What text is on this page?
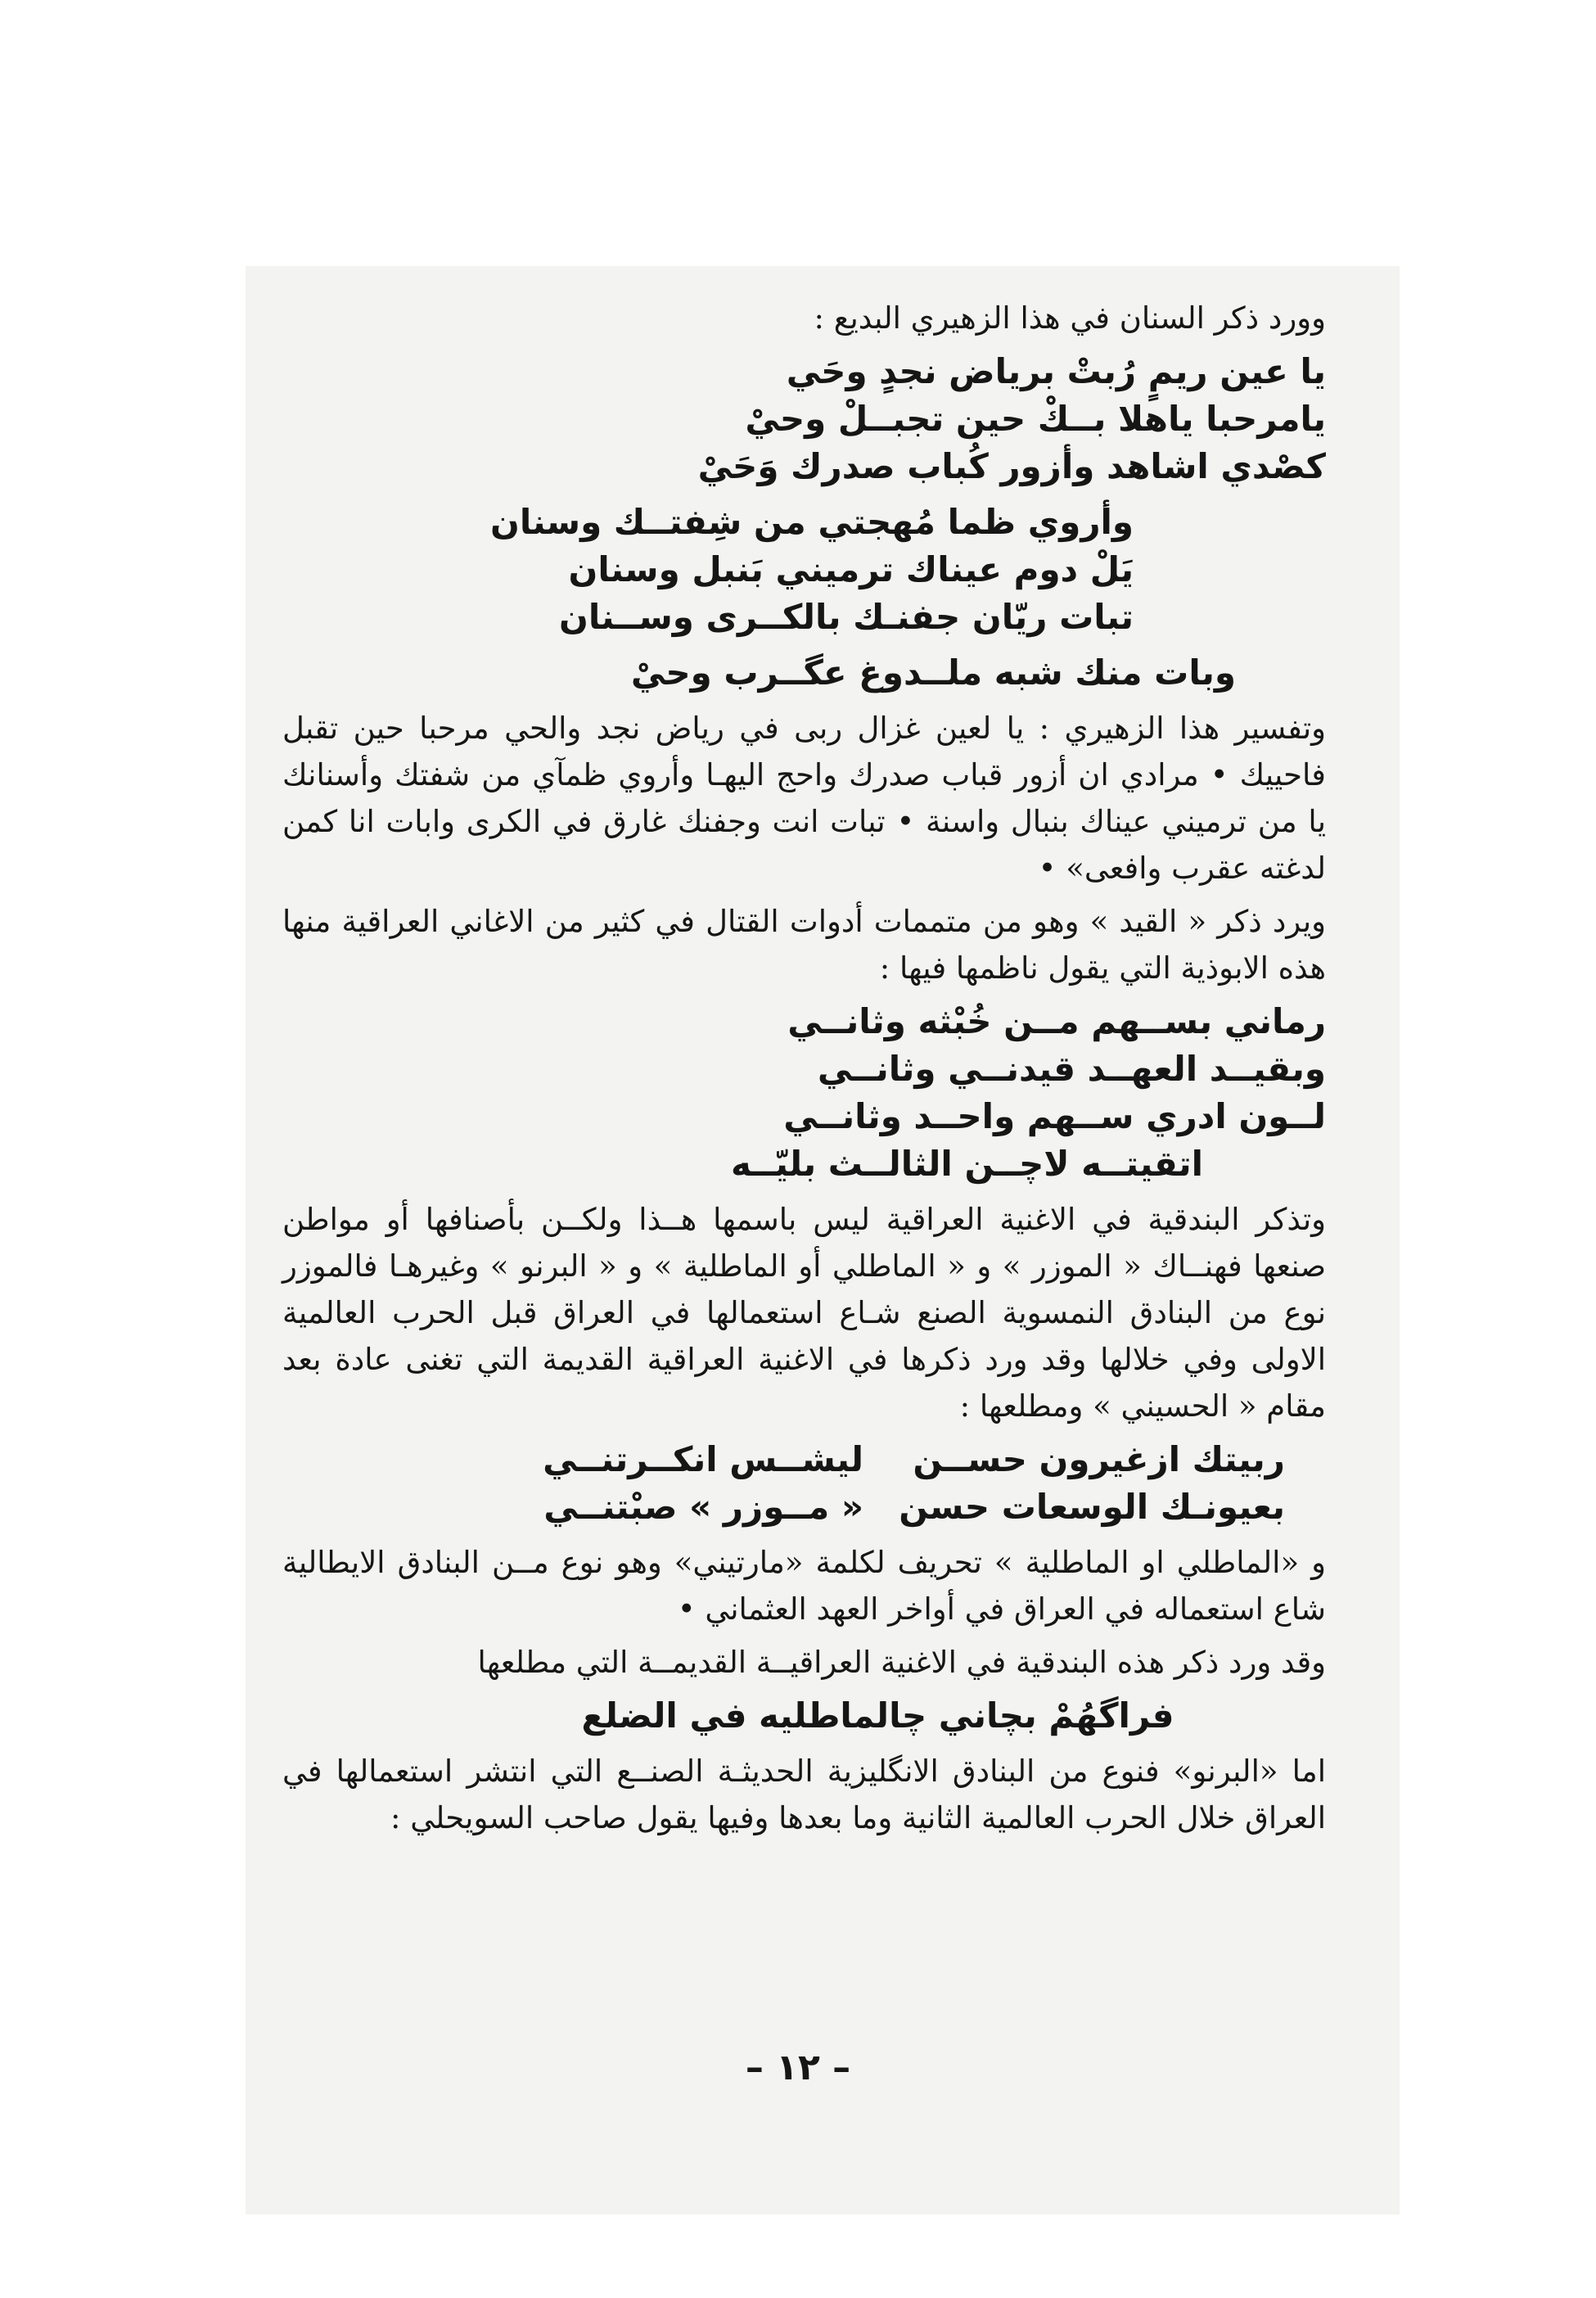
وورد ذكر السنان في هذا الزهيري البديع :

يا عين ريمٍ رُبتْ برياض نجدٍ وحَي
يامرحبا ياهلا بــكْ حين تجبــلْ وحيْ
كصْدي اشاهد وأزور كُباب صدرك وَحَيْ
وأروي ظما مُهجتي من شِفتــك وسنان
يَلْ دوم عيناك ترميني بَنبل وسنان
تبات ريّان جفنـك بالكــرى وســنان
وبات منك شبه ملــدوغ عگــرب وحيْ

وتفسير هذا الزهيري : يا لعين غزال ربى في رياض نجد والحي مرحبا حين تقبل فاحييك • مرادي ان أزور قباب صدرك واحج اليهـا وأروي ظمآي من شفتك وأسنانك يا من ترميني عيناك بنبال واسنة • تبات انت وجفنك غارق في الكرى وابات انا كمن لدغته عقرب وافعى» •

ويرد ذكر « القيد » وهو من متممات أدوات القتال في كثير من الاغاني العراقية منها هذه الابوذية التي يقول ناظمها فيها :

رماني بســهم مــن خُبْثه وثانــي
وبقيــد العهــد قيدنــي وثانــي
لــون ادري ســهم واحــد وثانــي
اتقيتــه لاچــن الثالــث بليّــه

وتذكر البندقية في الاغنية العراقية ليس باسمها هــذا ولكــن بأصنافها أو مواطن صنعها فهنــاك « الموزر » و « الماطلي أو الماطلية » و « البرنو » وغيرهـا فالموزر نوع من البنادق النمسوية الصنع شـاع استعمالها في العراق قبل الحرب العالمية الاولى وفي خلالها وقد ورد ذكرها في الاغنية العراقية القديمة التي تغنى عادة بعد مقام « الحسيني » ومطلعها :

ربيتك ازغيرون حســن
ليشــس انكــرتنــي
بعيونـك الوسعات حسن
« مــوزر » صبْتنــي

و «الماطلي او الماطلية » تحريف لكلمة «مارتيني» وهو نوع مــن البنادق الايطالية شاع استعماله في العراق في أواخر العهد العثماني •

وقد ورد ذكر هذه البندقية في الاغنية العراقيــة القديمــة التي مطلعها

فراگهُمْ بچاني چالماطليه في الضلع

اما «البرنو» فنوع من البنادق الانگليزية الحديثـة الصنــع التي انتشر استعمالها في العراق خلال الحرب العالمية الثانية وما بعدها وفيها يقول صاحب السويحلي :

– ١٢ –
